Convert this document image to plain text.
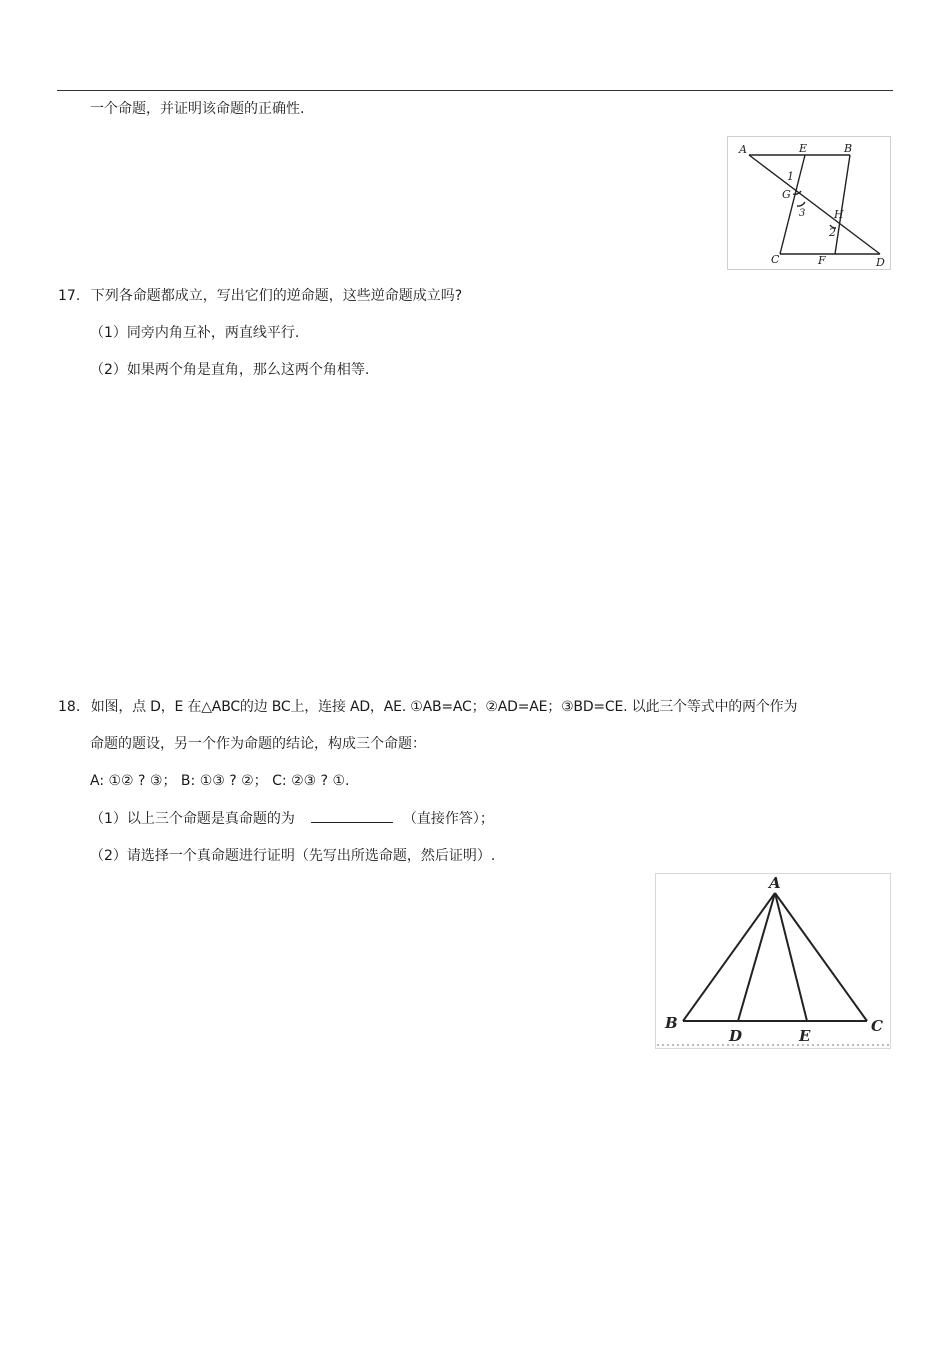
一个命题，并证明该命题的正确性.
A	E	B
G
H
C	F	D
1
2
3
17. 下列各命题都成立，写出它们的逆命题，这些逆命题成立吗?
（1）同旁内角互补，两直线平行.
（2）如果两个角是直角，那么这两个角相等.
18. 如图，点 D，E 在△ABC的边 BC上，连接 AD，AE. ①AB=AC；②AD=AE；③BD=CE. 以此三个等式中的两个作为
命题的题设，另一个作为命题的结论，构成三个命题：
A: ①② ? ③； B: ①③ ? ②； C: ②③ ? ①.
（1）以上三个命题是真命题的为	（直接作答）；
（2）请选择一个真命题进行证明（先写出所选命题，然后证明）.
A
B	C
D	E
